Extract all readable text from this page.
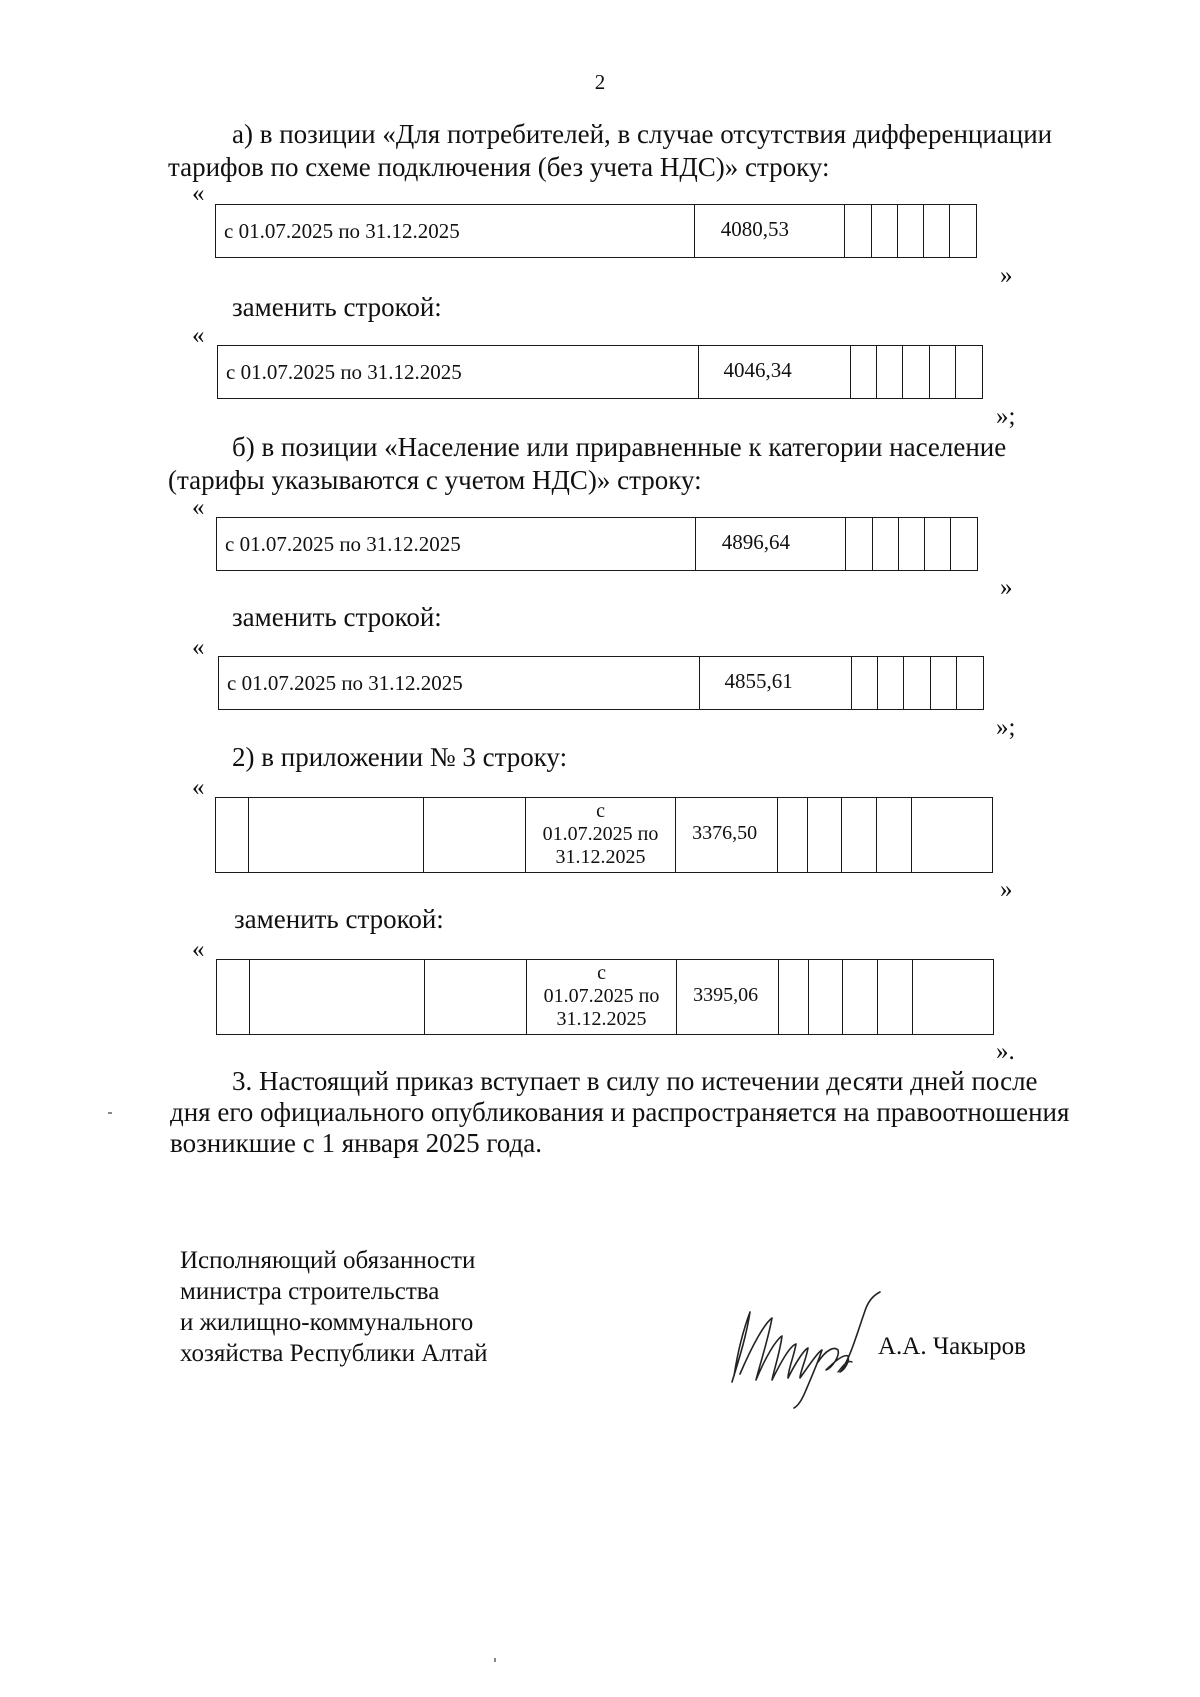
2
а) в позиции «Для потребителей, в случае отсутствия дифференциации
тарифов по схеме подключения (без учета НДС)» строку:
«
с 01.07.2025 по 31.12.2025	4080,53
»
заменить строкой:
«
с 01.07.2025 по 31.12.2025	4046,34
»;
б) в позиции «Население или приравненные к категории население
(тарифы указываются с учетом НДС)» строку:
«
с 01.07.2025 по 31.12.2025	4896,64
»
заменить строкой:
«
с 01.07.2025 по 31.12.2025	4855,61
»;
2) в приложении № 3 строку:
«
с
01.07.2025 по
31.12.2025
3376,50
»
заменить строкой:
«
с
01.07.2025 по
31.12.2025
3395,06
».
3. Настоящий приказ вступает в силу по истечении десяти дней после
дня его официального опубликования и распространяется на правоотношения
возникшие с 1 января 2025 года.
Исполняющий обязанности
министра строительства
и жилищно-коммунального
хозяйства Республики Алтай	А.А. Чакыров
